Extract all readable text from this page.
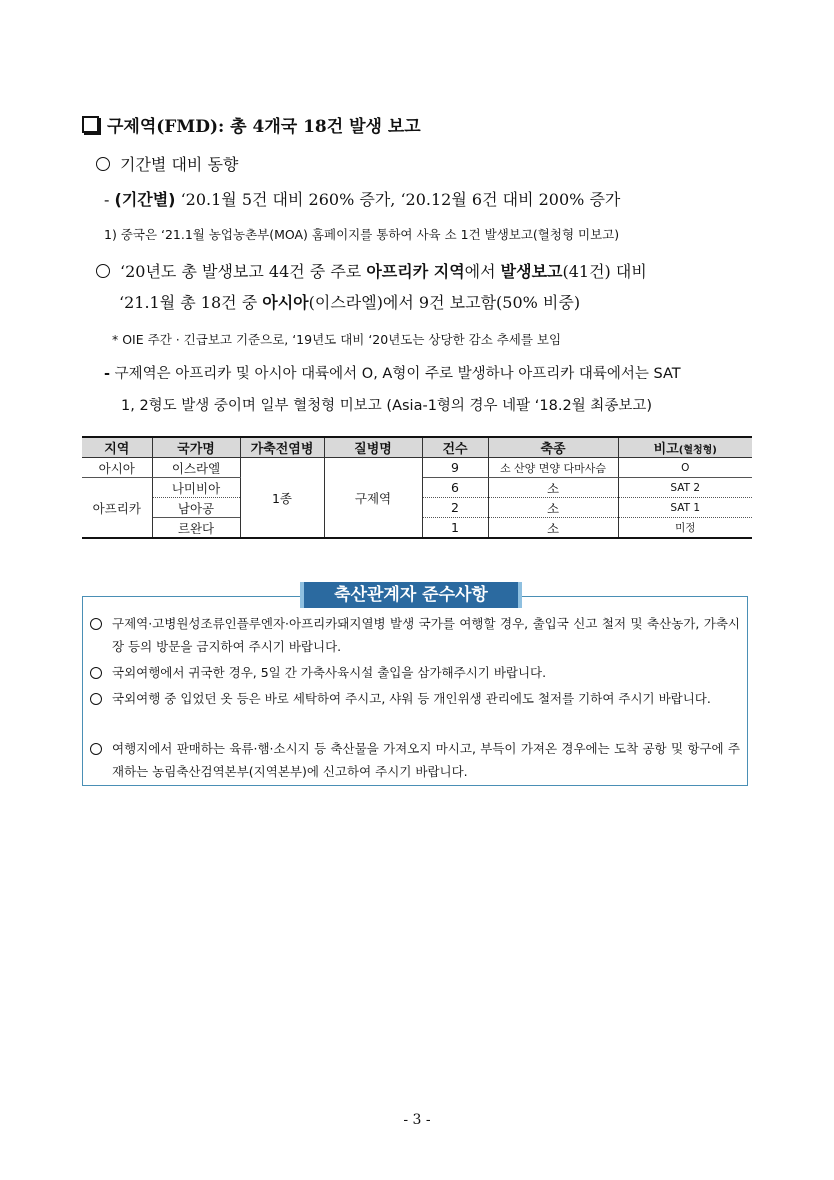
구제역(FMD): 총 4개국 18건 발생 보고
기간별 대비 동향
- (기간별) ‘20.1월 5건 대비 260% 증가, ‘20.12월 6건 대비 200% 증가
1) 중국은 ‘21.1월 농업농촌부(MOA) 홈페이지를 통하여 사육 소 1건 발생보고(혈청형 미보고)
‘20년도 총 발생보고 44건 중 주로 아프리카 지역에서 발생보고(41건) 대비
‘21.1월 총 18건 중 아시아(이스라엘)에서 9건 보고함(50% 비중)
* OIE 주간 · 긴급보고 기준으로, ‘19년도 대비 ‘20년도는 상당한 감소 추세를 보임
- 구제역은 아프리카 및 아시아 대륙에서 O, A형이 주로 발생하나 아프리카 대륙에서는 SAT
1, 2형도 발생 중이며 일부 혈청형 미보고 (Asia-1형의 경우 네팔 ‘18.2월 최종보고)
지역	국가명	가축전염병	질병명	건수	축종	비고(혈청형)
아시아	이스라엘	1종	구제역	9	소 산양 면양 다마사슴	O
아프리카	나미비아			6	소	SAT 2
	남아공			2	소	SAT 1
	르완다			1	소	미정
축산관계자 준수사항
구제역·고병원성조류인플루엔자·아프리카돼지열병 발생 국가를 여행할 경우, 출입국 신고 철저 및 축산농가, 가축시장 등의 방문을 금지하여 주시기 바랍니다.
국외여행에서 귀국한 경우, 5일 간 가축사육시설 출입을 삼가해주시기 바랍니다.
국외여행 중 입었던 옷 등은 바로 세탁하여 주시고, 샤워 등 개인위생 관리에도 철저를 기하여 주시기 바랍니다.
여행지에서 판매하는 육류·햄·소시지 등 축산물을 가져오지 마시고, 부득이 가져온 경우에는 도착 공항 및 항구에 주재하는 농림축산검역본부(지역본부)에 신고하여 주시기 바랍니다.
- 3 -
